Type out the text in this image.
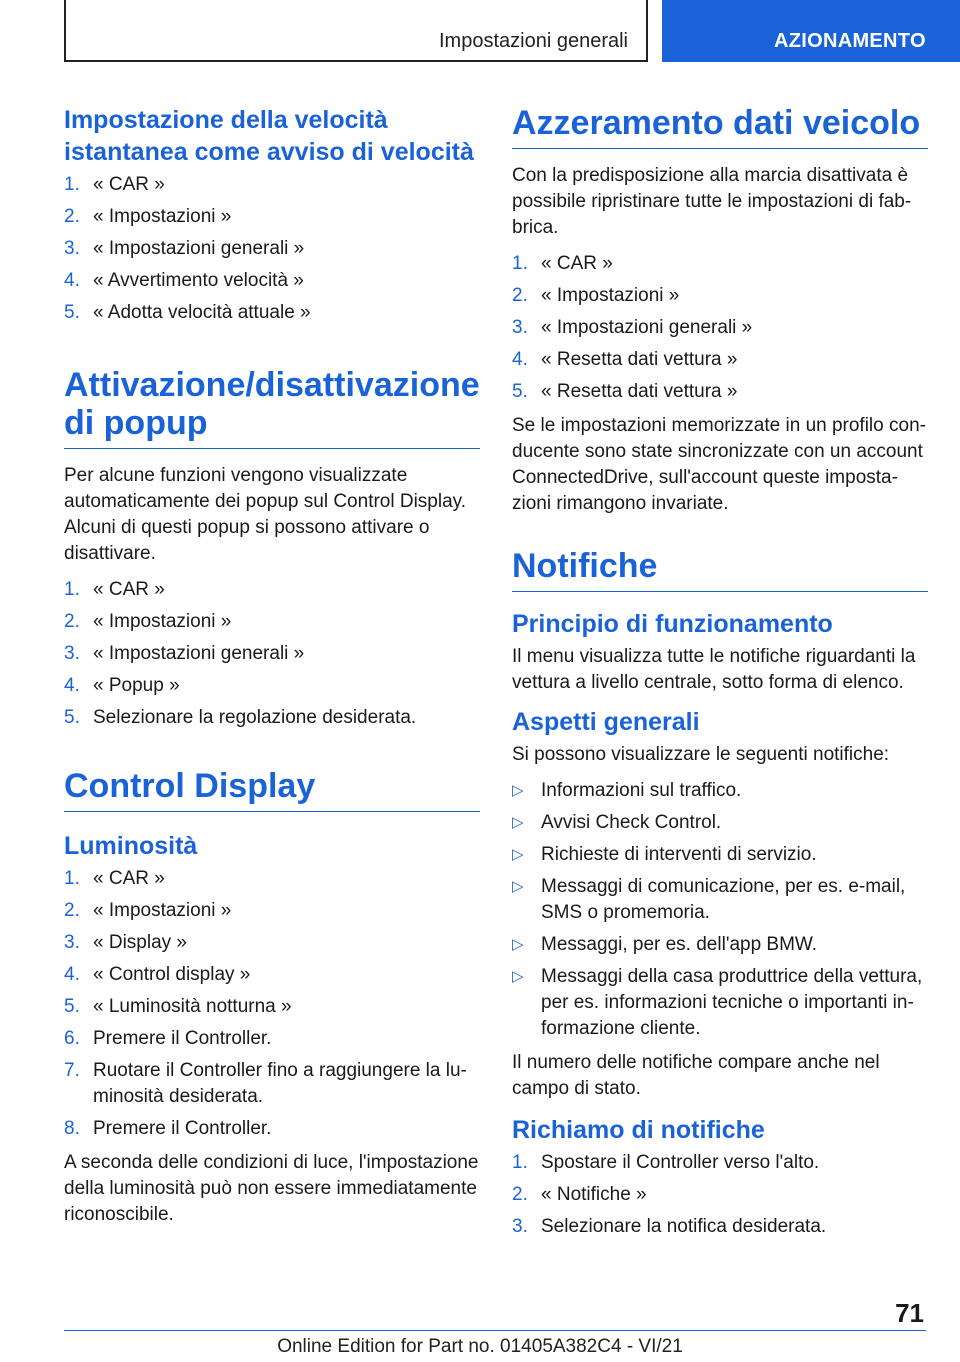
Impostazioni generali	AZIONAMENTO
Impostazione della velocità istantanea come avviso di velocità
1. « CAR »
2. « Impostazioni »
3. « Impostazioni generali »
4. « Avvertimento velocità »
5. « Adotta velocità attuale »
Attivazione/disattivazione di popup

Per alcune funzioni vengono visualizzate automaticamente dei popup sul Control Display. Alcuni di questi popup si possono attivare o disattivare.

1. « CAR »
2. « Impostazioni »
3. « Impostazioni generali »
4. « Popup »
5. Selezionare la regolazione desiderata.
Control Display
Luminosità
1. « CAR »
2. « Impostazioni »
3. « Display »
4. « Control display »
5. « Luminosità notturna »
6. Premere il Controller.
7. Ruotare il Controller fino a raggiungere la luminosità desiderata.
8. Premere il Controller.

A seconda delle condizioni di luce, l'impostazione della luminosità può non essere immediatamente riconoscibile.

Azzeramento dati veicolo

Con la predisposizione alla marcia disattivata è possibile ripristinare tutte le impostazioni di fabbrica.

1. « CAR »
2. « Impostazioni »
3. « Impostazioni generali »
4. « Resetta dati vettura »
5. « Resetta dati vettura »

Se le impostazioni memorizzate in un profilo conducente sono state sincronizzate con un account ConnectedDrive, sull'account queste impostazioni rimangono invariate.

Notifiche
Principio di funzionamento

Il menu visualizza tutte le notifiche riguardanti la vettura a livello centrale, sotto forma di elenco.

Aspetti generali

Si possono visualizzare le seguenti notifiche:

▷ Informazioni sul traffico.
▷ Avvisi Check Control.
▷ Richieste di interventi di servizio.
▷ Messaggi di comunicazione, per es. e-mail, SMS o promemoria.
▷ Messaggi, per es. dell'app BMW.
▷ Messaggi della casa produttrice della vettura, per es. informazioni tecniche o importanti informazione cliente.

Il numero delle notifiche compare anche nel campo di stato.

Richiamo di notifiche
1. Spostare il Controller verso l'alto.
2. « Notifiche »
3. Selezionare la notifica desiderata.
71
Online Edition for Part no. 01405A382C4 - VI/21
